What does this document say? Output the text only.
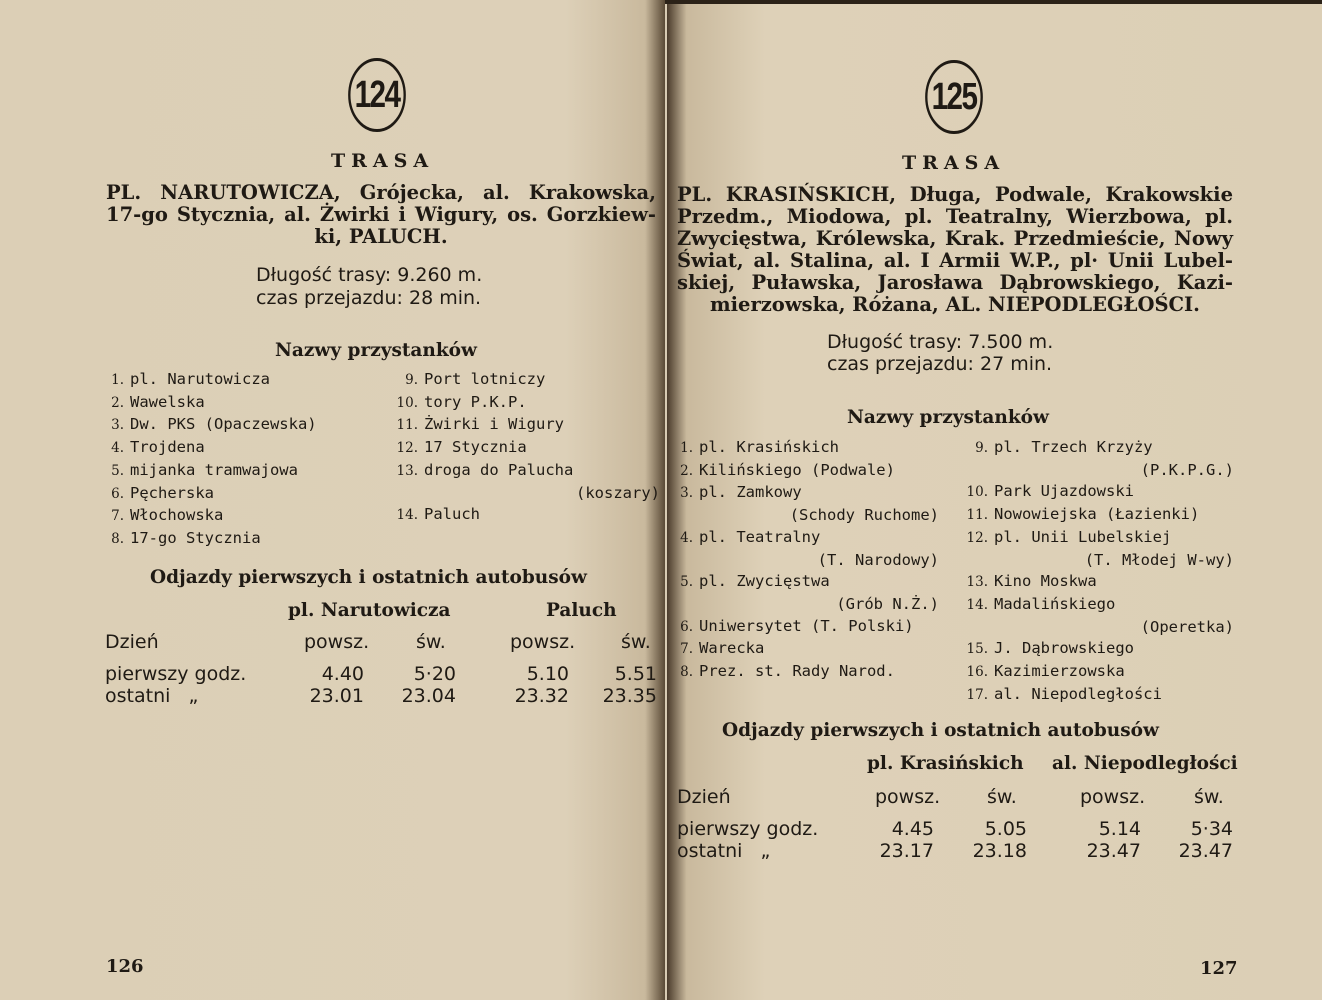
124
TRASA
PL. NARUTOWICZA, Grójecka, al. Krakowska,
17-go Stycznia, al. Żwirki i Wigury, os. Gorzkiew-
ki, PALUCH.
Długość trasy: 9.260 m.
czas przejazdu: 28 min.
Nazwy przystanków
1. pl. Narutowicza
2. Wawelska
3. Dw. PKS (Opaczewska)
4. Trojdena
5. mijanka tramwajowa
6. Pęcherska
7. Włochowska
8. 17-go Stycznia
9. Port lotniczy
10. tory P.K.P.
11. Żwirki i Wigury
12. 17 Stycznia
13. droga do Palucha
(koszary)
14. Paluch
Odjazdy pierwszych i ostatnich autobusów
pl. Narutowicza	Paluch
Dzień	powsz. św.	powsz. św.
pierwszy godz.	4.40	5·20	5.10	5.51
ostatni   „	23.01	23.04	23.32	23.35
126
125
TRASA
PL. KRASIŃSKICH, Długa, Podwale, Krakowskie
Przedm., Miodowa, pl. Teatralny, Wierzbowa, pl.
Zwycięstwa, Królewska, Krak. Przedmieście, Nowy
Świat, al. Stalina, al. I Armii W.P., pl· Unii Lubel-
skiej, Puławska, Jarosława Dąbrowskiego, Kazi-
mierzowska, Różana, AL. NIEPODLEGŁOŚCI.
Długość trasy: 7.500 m.
czas przejazdu: 27 min.
Nazwy przystanków
1. pl. Krasińskich
2. Kilińskiego (Podwale)
3. pl. Zamkowy
(Schody Ruchome)
4. pl. Teatralny
(T. Narodowy)
5. pl. Zwycięstwa
(Grób N.Ż.)
6. Uniwersytet (T. Polski)
7. Warecka
8. Prez. st. Rady Narod.
9. pl. Trzech Krzyży
(P.K.P.G.)
10. Park Ujazdowski
11. Nowowiejska (Łazienki)
12. pl. Unii Lubelskiej
(T. Młodej W-wy)
13. Kino Moskwa
14. Madalińskiego
(Operetka)
15. J. Dąbrowskiego
16. Kazimierzowska
17. al. Niepodległości
Odjazdy pierwszych i ostatnich autobusów
pl. Krasińskich al. Niepodległości
Dzień	powsz. św.	powsz.	św.
pierwszy godz.	4.45	5.05	5.14	5·34
ostatni   „	23.17	23.18	23.47	23.47
127
